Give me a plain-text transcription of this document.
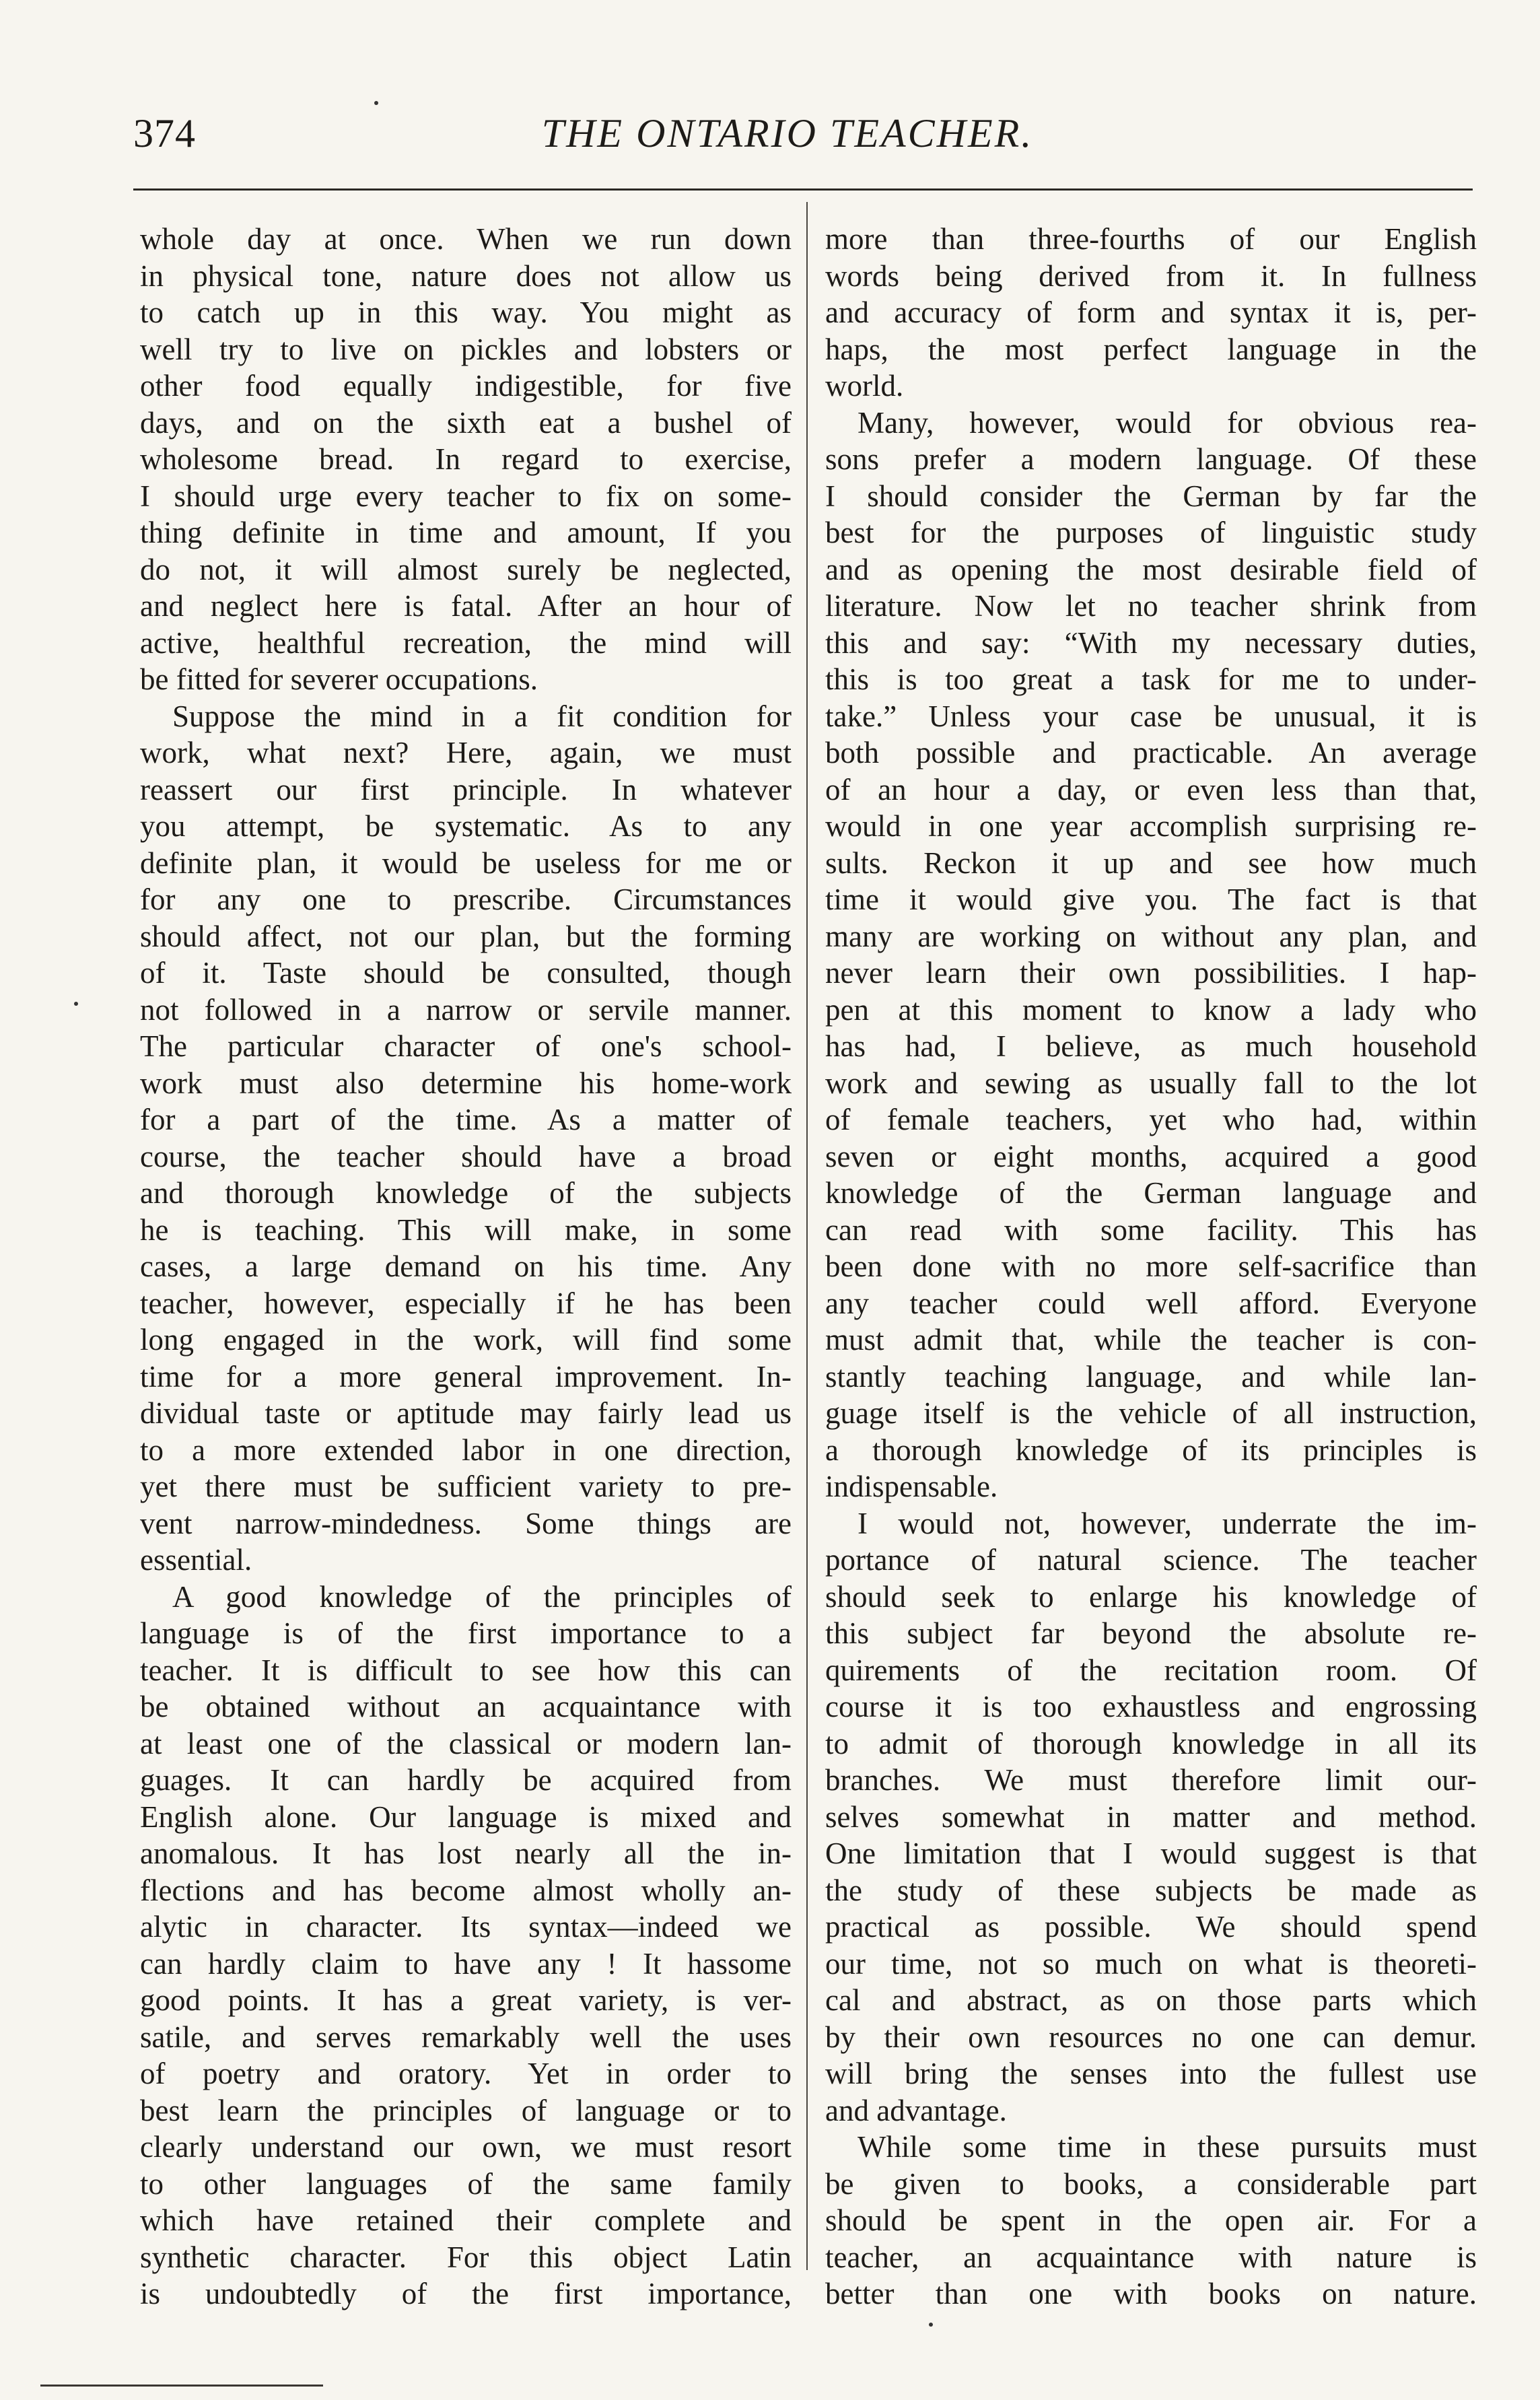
374	THE ONTARIO TEACHER.
whole day at once. When we run down
in physical tone, nature does not allow us
to catch up in this way. You might as
well try to live on pickles and lobsters or
other food equally indigestible, for five
days, and on the sixth eat a bushel of
wholesome bread. In regard to exercise,
I should urge every teacher to fix on some-
thing definite in time and amount, If you
do not, it will almost surely be neglected,
and neglect here is fatal. After an hour of
active, healthful recreation, the mind will
be fitted for severer occupations.
Suppose the mind in a fit condition for
work, what next? Here, again, we must
reassert our first principle. In whatever
you attempt, be systematic. As to any
definite plan, it would be useless for me or
for any one to prescribe. Circumstances
should affect, not our plan, but the forming
of it. Taste should be consulted, though
not followed in a narrow or servile manner.
The particular character of one's school-
work must also determine his home-work
for a part of the time. As a matter of
course, the teacher should have a broad
and thorough knowledge of the subjects
he is teaching. This will make, in some
cases, a large demand on his time. Any
teacher, however, especially if he has been
long engaged in the work, will find some
time for a more general improvement. In-
dividual taste or aptitude may fairly lead us
to a more extended labor in one direction,
yet there must be sufficient variety to pre-
vent narrow-mindedness. Some things are
essential.
A good knowledge of the principles of
language is of the first importance to a
teacher. It is difficult to see how this can
be obtained without an acquaintance with
at least one of the classical or modern lan-
guages. It can hardly be acquired from
English alone. Our language is mixed and
anomalous. It has lost nearly all the in-
flections and has become almost wholly an-
alytic in character. Its syntax—indeed we
can hardly claim to have any ! It hassome
good points. It has a great variety, is ver-
satile, and serves remarkably well the uses
of poetry and oratory. Yet in order to
best learn the principles of language or to
clearly understand our own, we must resort
to other languages of the same family
which have retained their complete and
synthetic character. For this object Latin
is undoubtedly of the first importance,
more than three-fourths of our English
words being derived from it. In fullness
and accuracy of form and syntax it is, per-
haps, the most perfect language in the
world.
Many, however, would for obvious rea-
sons prefer a modern language. Of these
I should consider the German by far the
best for the purposes of linguistic study
and as opening the most desirable field of
literature. Now let no teacher shrink from
this and say: “With my necessary duties,
this is too great a task for me to under-
take.” Unless your case be unusual, it is
both possible and practicable. An average
of an hour a day, or even less than that,
would in one year accomplish surprising re-
sults. Reckon it up and see how much
time it would give you. The fact is that
many are working on without any plan, and
never learn their own possibilities. I hap-
pen at this moment to know a lady who
has had, I believe, as much household
work and sewing as usually fall to the lot
of female teachers, yet who had, within
seven or eight months, acquired a good
knowledge of the German language and
can read with some facility. This has
been done with no more self-sacrifice than
any teacher could well afford. Everyone
must admit that, while the teacher is con-
stantly teaching language, and while lan-
guage itself is the vehicle of all instruction,
a thorough knowledge of its principles is
indispensable.
I would not, however, underrate the im-
portance of natural science. The teacher
should seek to enlarge his knowledge of
this subject far beyond the absolute re-
quirements of the recitation room. Of
course it is too exhaustless and engrossing
to admit of thorough knowledge in all its
branches. We must therefore limit our-
selves somewhat in matter and method.
One limitation that I would suggest is that
the study of these subjects be made as
practical as possible. We should spend
our time, not so much on what is theoreti-
cal and abstract, as on those parts which
by their own resources no one can demur.
will bring the senses into the fullest use
and advantage.
While some time in these pursuits must
be given to books, a considerable part
should be spent in the open air. For a
teacher, an acquaintance with nature is
better than one with books on nature.
